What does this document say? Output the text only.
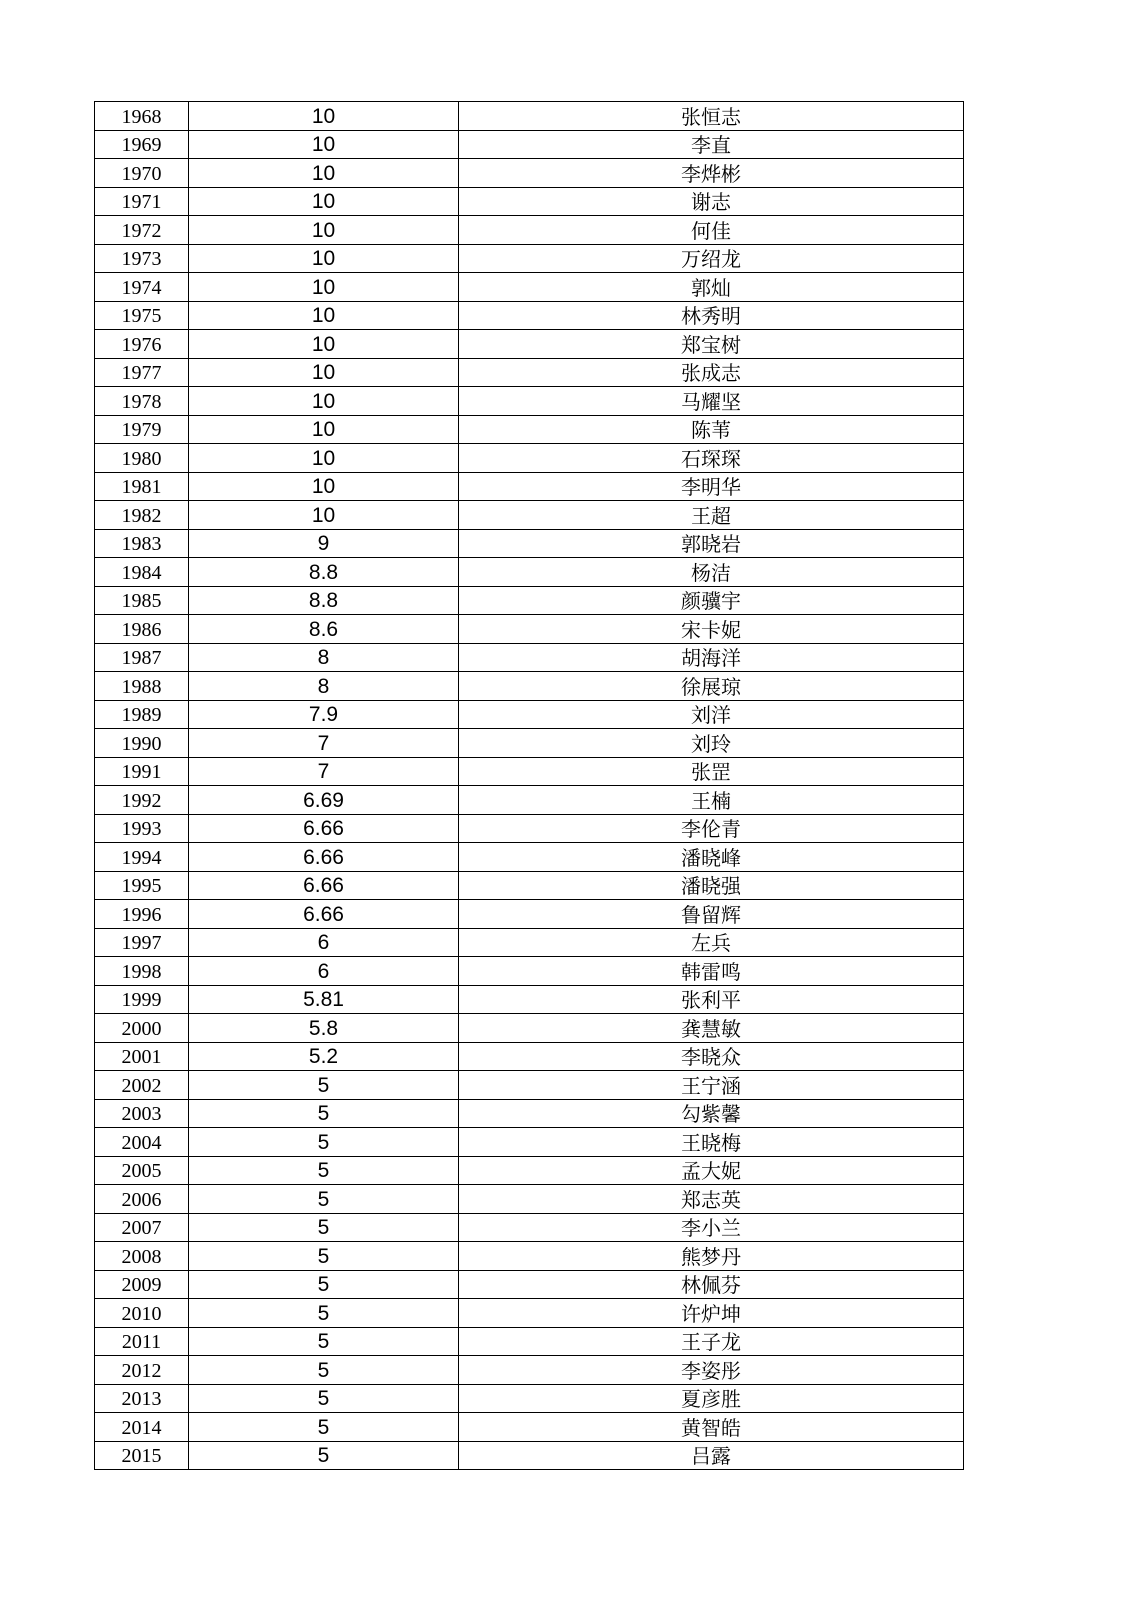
1968	10	张恒志
1969	10	李直
1970	10	李烨彬
1971	10	谢志
1972	10	何佳
1973	10	万绍龙
1974	10	郭灿
1975	10	林秀明
1976	10	郑宝树
1977	10	张成志
1978	10	马耀坚
1979	10	陈苇
1980	10	石琛琛
1981	10	李明华
1982	10	王超
1983	9	郭晓岩
1984	8.8	杨洁
1985	8.8	颜骥宇
1986	8.6	宋卡妮
1987	8	胡海洋
1988	8	徐展琼
1989	7.9	刘洋
1990	7	刘玲
1991	7	张罡
1992	6.69	王楠
1993	6.66	李伦青
1994	6.66	潘晓峰
1995	6.66	潘晓强
1996	6.66	鲁留辉
1997	6	左兵
1998	6	韩雷鸣
1999	5.81	张利平
2000	5.8	龚慧敏
2001	5.2	李晓众
2002	5	王宁涵
2003	5	勾紫馨
2004	5	王晓梅
2005	5	孟大妮
2006	5	郑志英
2007	5	李小兰
2008	5	熊梦丹
2009	5	林佩芬
2010	5	许炉坤
2011	5	王子龙
2012	5	李姿彤
2013	5	夏彦胜
2014	5	黄智皓
2015	5	吕露
